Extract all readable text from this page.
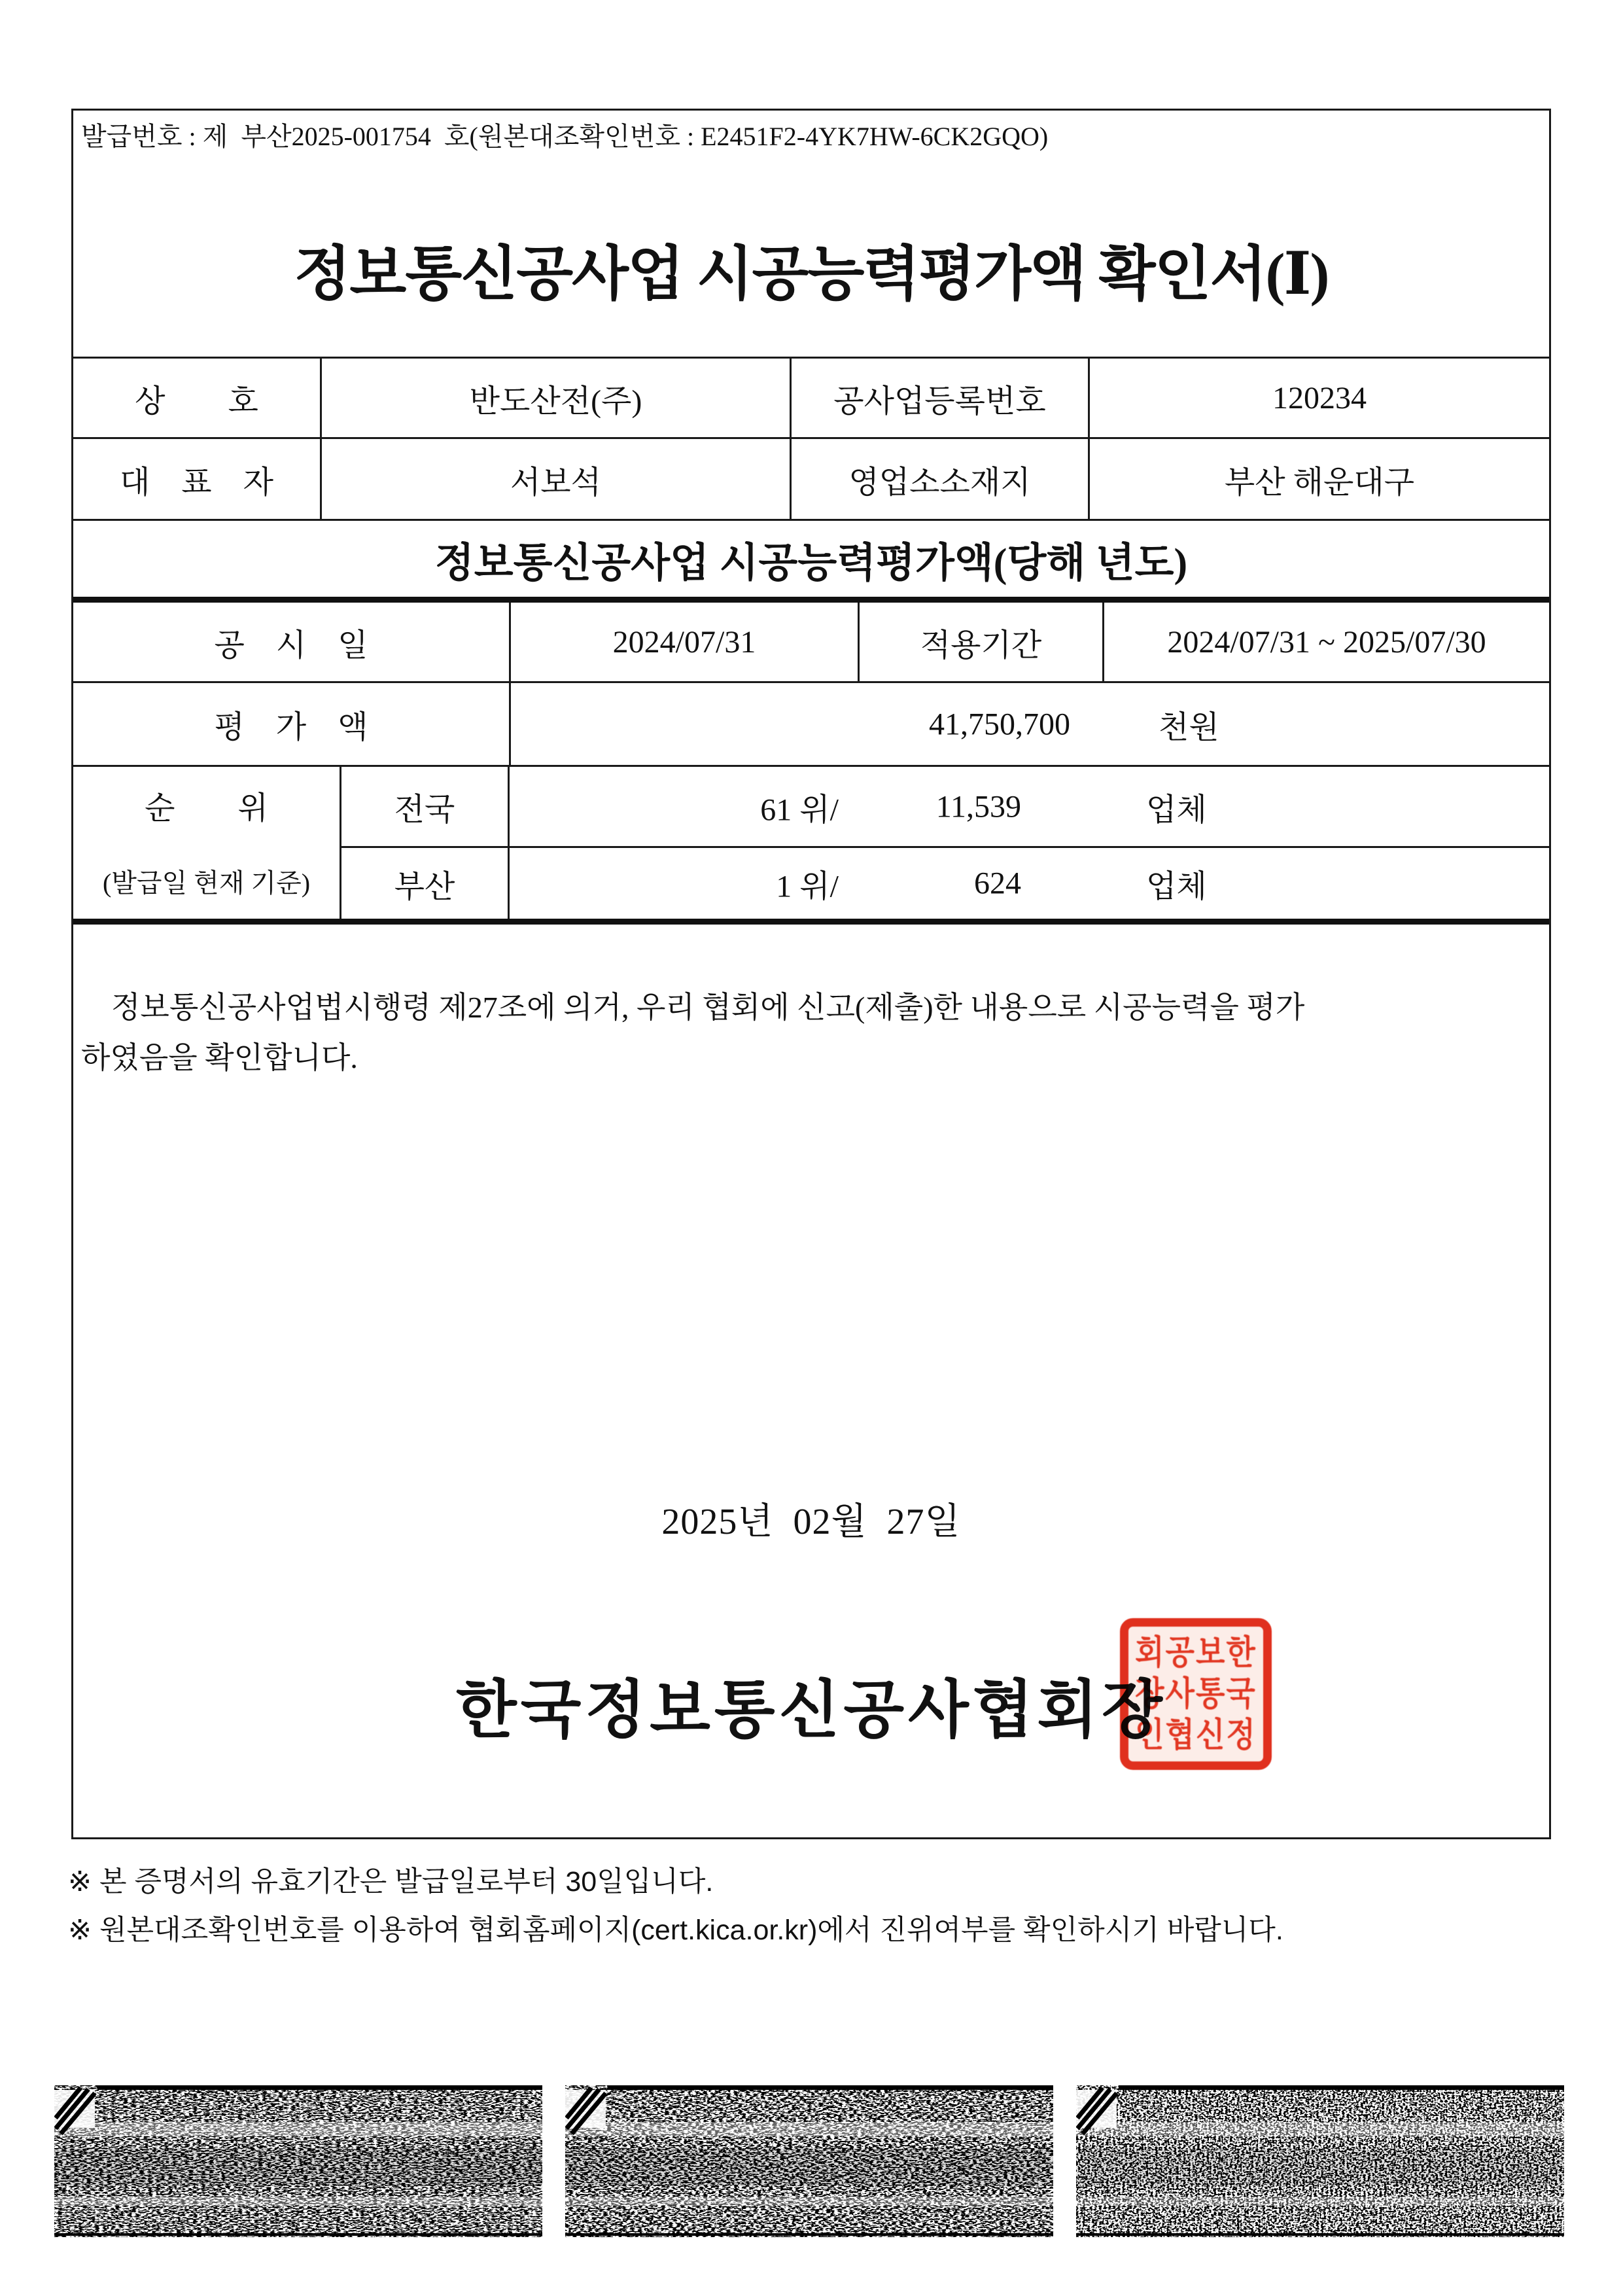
발급번호 : 제  부산2025-001754  호(원본대조확인번호 : E2451F2-4YK7HW-6CK2GQO)
정보통신공사업 시공능력평가액 확인서(Ⅰ)
상　　호	반도산전(주)	공사업등록번호	120234
대　표　자	서보석	영업소소재지	부산 해운대구
정보통신공사업 시공능력평가액(당해 년도)
공　시　일	2024/07/31	적용기간	2024/07/31 ~ 2025/07/30
평　가　액	41,750,700	천원
순　　위
(발급일 현재 기준)
전국	61 위/	11,539	업체
부산	1 위/	624	업체
정보통신공사업법시행령 제27조에 의거, 우리 협회에 신고(제출)한 내용으로 시공능력을 평가
하였음을 확인합니다.
2025년  02월  27일
한국정보통신공사협회장
회공보한
장사통국
인협신정
※ 본 증명서의 유효기간은 발급일로부터 30일입니다.
※ 원본대조확인번호를 이용하여 협회홈페이지(cert.kica.or.kr)에서 진위여부를 확인하시기 바랍니다.
